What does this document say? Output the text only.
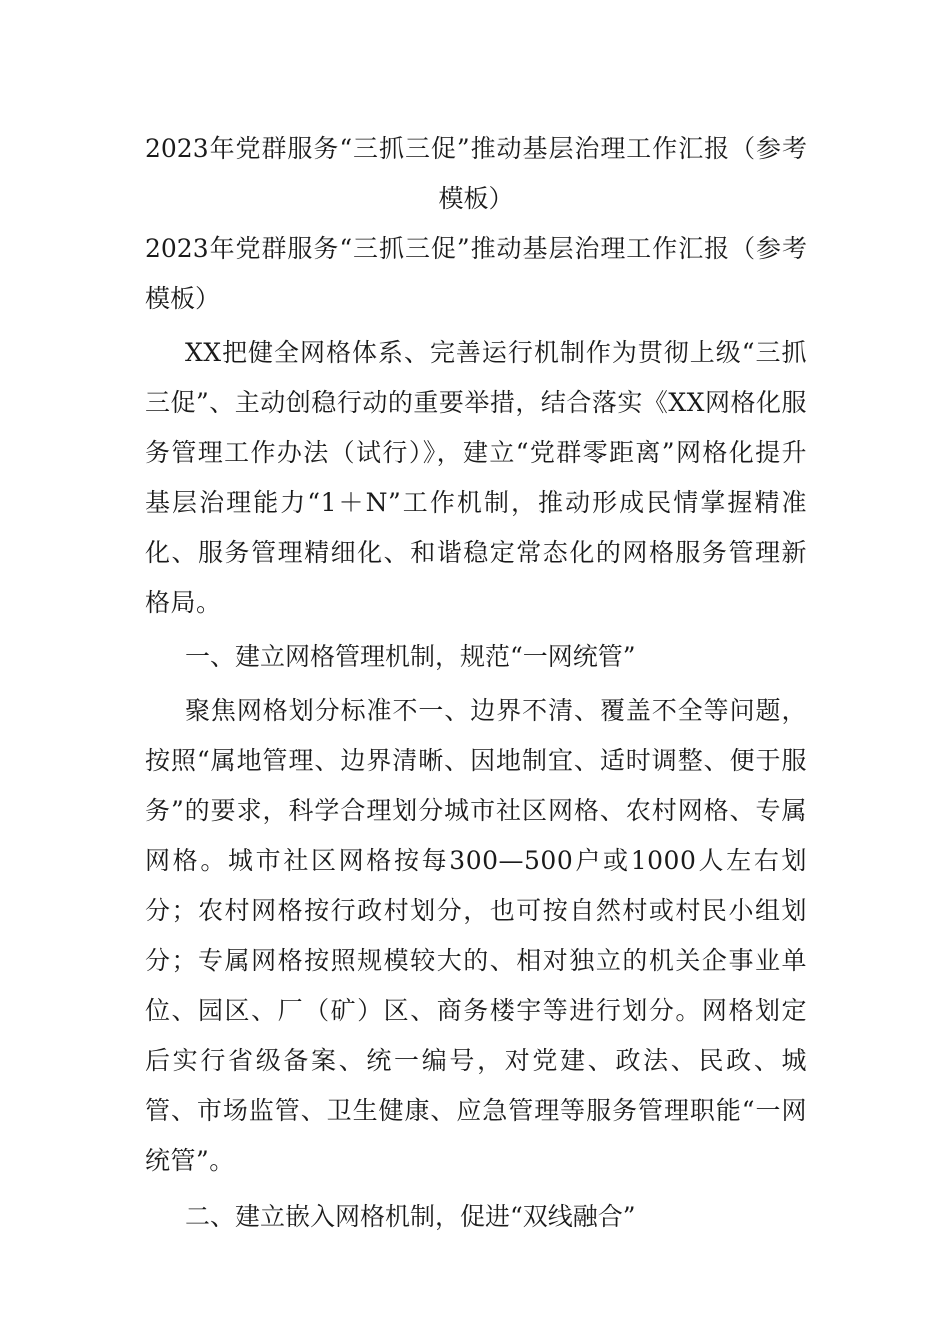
2023年党群服务“三抓三促”推动基层治理工作汇报（参考模板）

2023年党群服务“三抓三促”推动基层治理工作汇报（参考模板）

XX把健全网格体系、完善运行机制作为贯彻上级“三抓三促”、主动创稳行动的重要举措，结合落实《XX网格化服务管理工作办法（试行）》，建立“党群零距离”网格化提升基层治理能力“1＋N”工作机制，推动形成民情掌握精准化、服务管理精细化、和谐稳定常态化的网格服务管理新格局。

一、建立网格管理机制，规范“一网统管”

聚焦网格划分标准不一、边界不清、覆盖不全等问题，按照“属地管理、边界清晰、因地制宜、适时调整、便于服务”的要求，科学合理划分城市社区网格、农村网格、专属网格。城市社区网格按每300—500户或1000人左右划分；农村网格按行政村划分，也可按自然村或村民小组划分；专属网格按照规模较大的、相对独立的机关企事业单位、园区、厂（矿）区、商务楼宇等进行划分。网格划定后实行省级备案、统一编号，对党建、政法、民政、城管、市场监管、卫生健康、应急管理等服务管理职能“一网统管”。

二、建立嵌入网格机制，促进“双线融合”
